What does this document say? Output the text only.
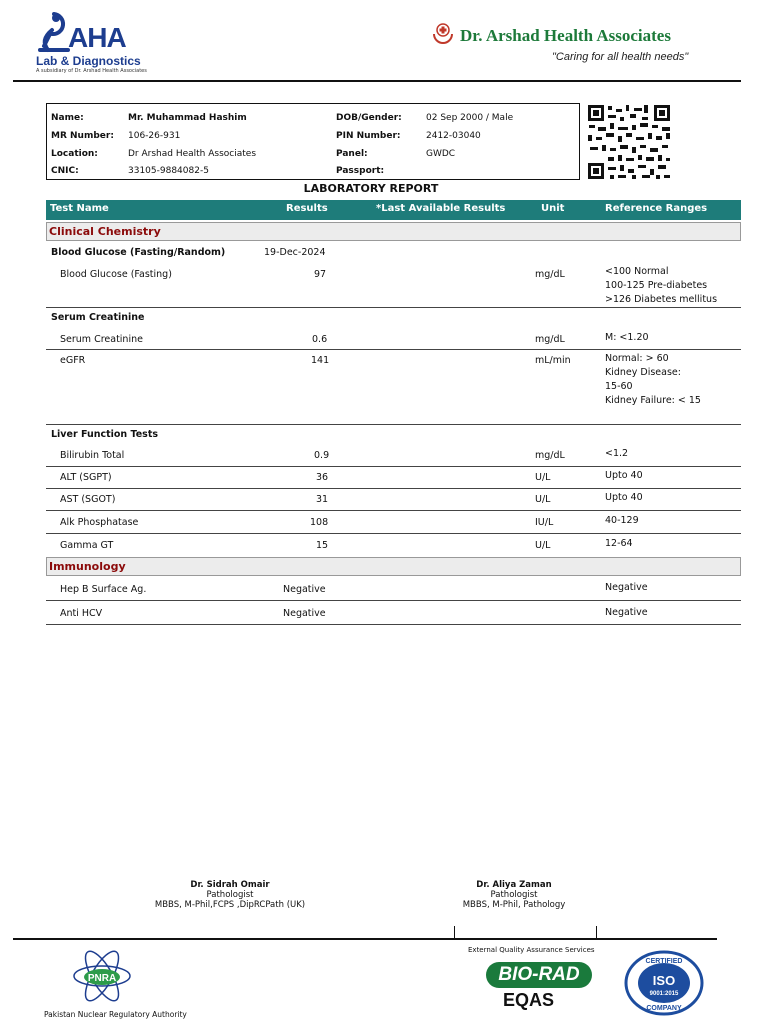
AHA
Lab & Diagnostics
A subsidiary of Dr. Arshad Health Associates
Dr. Arshad Health Associates
"Caring for all health needs"
Name:	Mr. Muhammad Hashim
MR Number: 106-26-931
Location:	Dr Arshad Health Associates
CNIC:	33105-9884082-5
DOB/Gender:	02 Sep 2000 / Male
PIN Number:	2412-03040
Panel:	GWDC
Passport:
LABORATORY REPORT
Test Name	Results	*Last Available Results	Unit	Reference Ranges
Clinical Chemistry
Blood Glucose (Fasting/Random)	19-Dec-2024
Blood Glucose (Fasting)	97	mg/dL	<100 Normal
100-125 Pre-diabetes
>126 Diabetes mellitus
Serum Creatinine
Serum Creatinine	0.6	mg/dL	M: <1.20
eGFR	141	mL/min	Normal: > 60
Kidney Disease:
15-60
Kidney Failure: < 15
Liver Function Tests
Bilirubin Total	0.9	mg/dL	<1.2
ALT (SGPT)	36	U/L	Upto 40
AST (SGOT)	31	U/L	Upto 40
Alk Phosphatase	108	IU/L	40-129
Gamma GT	15	U/L	12-64
Immunology
Hep B Surface Ag.	Negative	Negative
Anti HCV	Negative	Negative
Dr. Sidrah Omair
Pathologist
MBBS, M-Phil,FCPS ,DipRCPath (UK)
Dr. Aliya Zaman
Pathologist
MBBS, M-Phil, Pathology
PNRA
Pakistan Nuclear Regulatory Authority
External Quality Assurance Services
BIO-RAD
EQAS
CERTIFIED
ISO
9001:2015
COMPANY
